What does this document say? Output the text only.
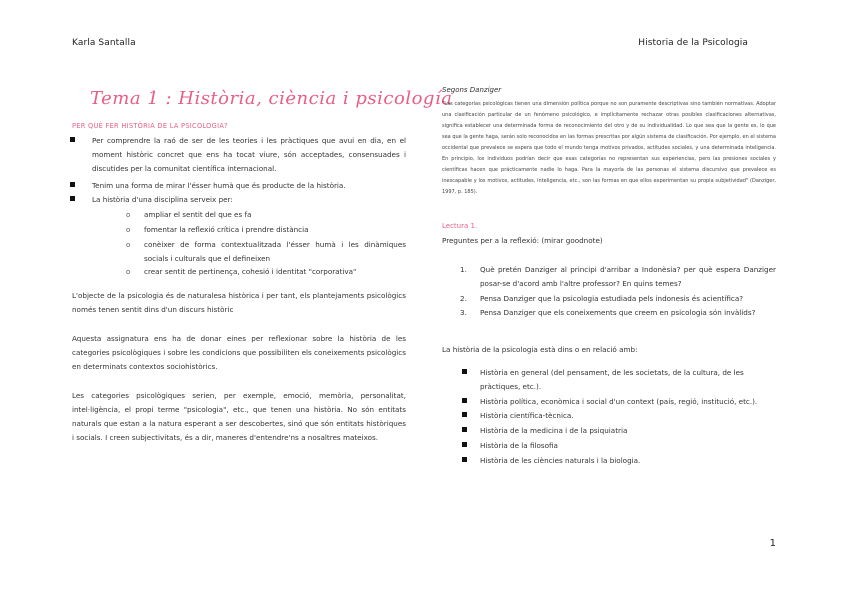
Karla Santalla	Historia de la Psicologia
Tema 1 : Història, ciència i psicología
PER QUÈ FER HISTÒRIA DE LA PSICOLOGIA?
Per comprendre la raó de ser de les teories i les pràctiques que avui en dia, en el moment històric concret que ens ha tocat viure, són acceptades, consensuades i discutides per la comunitat científica internacional.
Tenim una forma de mirar l'ésser humà que és producte de la història.
La història d'una disciplina serveix per:
o ampliar el sentit del que es fa
o fomentar la reflexió crítica i prendre distància
o conèixer de forma contextualitzada l'ésser humà i les dinàmiques socials i culturals que el defineixen
o crear sentit de pertinença, cohesió i identitat "corporativa"
L'objecte de la psicologia és de naturalesa històrica i per tant, els plantejaments psicològics només tenen sentit dins d'un discurs històric
Aquesta assignatura ens ha de donar eines per reflexionar sobre la història de les categories psicològiques i sobre les condicions que possibiliten els coneixements psicològics en determinats contextos sociohistòrics.
Les categories psicològiques serien, per exemple, emoció, memòria, personalitat, intel·ligència, el propi terme "psicologia", etc., que tenen una història. No són entitats naturals que estan a la natura esperant a ser descobertes, sinó que són entitats històriques i socials. I creen subjectivitats, és a dir, maneres d'entendre'ns a nosaltres mateixos.
Segons Danziger
"Las categorías psicológicas tienen una dimensión política porque no son puramente descriptivas sino también normativas. Adoptar una clasificación particular de un fenómeno psicológico, e implícitamente rechazar otras posibles clasificaciones alternativas, significa establecer una determinada forma de reconocimiento del otro y de su individualidad. Lo que sea que la gente es, lo que sea que la gente haga, serán solo reconocidos en las formas prescritas por algún sistema de clasificación. Por ejemplo, en el sistema occidental que prevalece se espera que todo el mundo tenga motivos privados, actitudes sociales, y una determinada inteligencia. En principio, los individuos podrían decir que esas categorías no representan sus experiencias, pero las presiones sociales y científicas hacen que prácticamente nadie lo haga. Para la mayoría de las personas el sistema discursivo que prevalece es inescapable y los motivos, actitudes, inteligencia, etc., son las formas en que ellos experimentan su propia subjetividad" (Danziger, 1997, p. 185).
Lectura 1.
Preguntes per a la reflexió: (mirar goodnote)
1. Què pretén Danziger al principi d'arribar a Indonèsia? per què espera Danziger posar-se d'acord amb l'altre professor? En quins temes?
2. Pensa Danziger que la psicologia estudiada pels indonesis és acientífica?
3. Pensa Danziger que els coneixements que creem en psicologia són invàlids?
La història de la psicologia està dins o en relació amb:
Història en general (del pensament, de les societats, de la cultura, de les pràctiques, etc.).
Història política, econòmica i social d'un context (país, regió, institució, etc.).
Història científica-tècnica.
Història de la medicina i de la psiquiatria
Història de la filosofia
Història de les ciències naturals i la biologia.
1
